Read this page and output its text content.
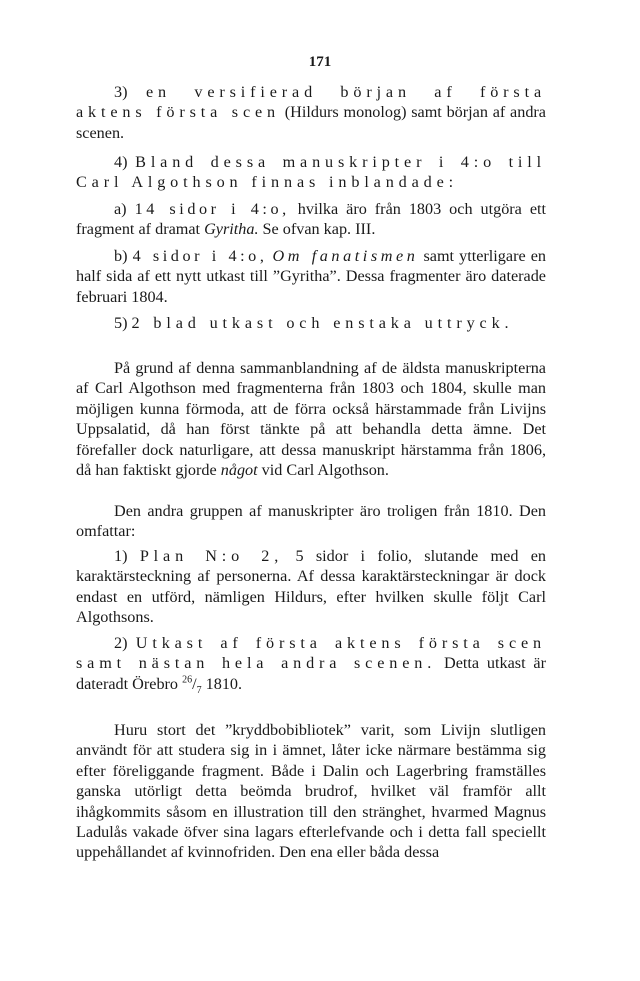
171

3) en versifierad början af första aktens första scen (Hildurs monolog) samt början af andra scenen.

4) Bland dessa manuskripter i 4:o till Carl Algothson finnas inblandade:

a) 14 sidor i 4:o, hvilka äro från 1803 och utgöra ett fragment af dramat Gyritha. Se ofvan kap. III.

b) 4 sidor i 4:o, Om fanatismen samt ytterligare en half sida af ett nytt utkast till ”Gyritha”. Dessa fragmenter äro daterade februari 1804.

5) 2 blad utkast och enstaka uttryck.

På grund af denna sammanblandning af de äldsta manuskripterna af Carl Algothson med fragmenterna från 1803 och 1804, skulle man möjligen kunna förmoda, att de förra också härstammade från Livijns Uppsalatid, då han först tänkte på att behandla detta ämne. Det förefaller dock naturligare, att dessa manuskript härstamma från 1806, då han faktiskt gjorde något vid Carl Algothson.

Den andra gruppen af manuskripter äro troligen från 1810. Den omfattar:

1) Plan N:o 2, 5 sidor i folio, slutande med en karaktärsteckning af personerna. Af dessa karaktärsteckningar är dock endast en utförd, nämligen Hildurs, efter hvilken skulle följt Carl Algothsons.

2) Utkast af första aktens första scen samt nästan hela andra scenen. Detta utkast är dateradt Örebro $^{26}/_7$ 1810.

Huru stort det ”kryddbobibliotek” varit, som Livijn slutligen användt för att studera sig in i ämnet, låter icke närmare bestämma sig efter föreliggande fragment. Både i Dalin och Lagerbring framställes ganska utörligt detta beömda brudrof, hvilket väl framför allt ihågkommits såsom en illustration till den stränghet, hvarmed Magnus Ladulås vakade öfver sina lagars efterlefvande och i detta fall speciellt uppehållandet af kvinnofriden. Den ena eller båda dessa
